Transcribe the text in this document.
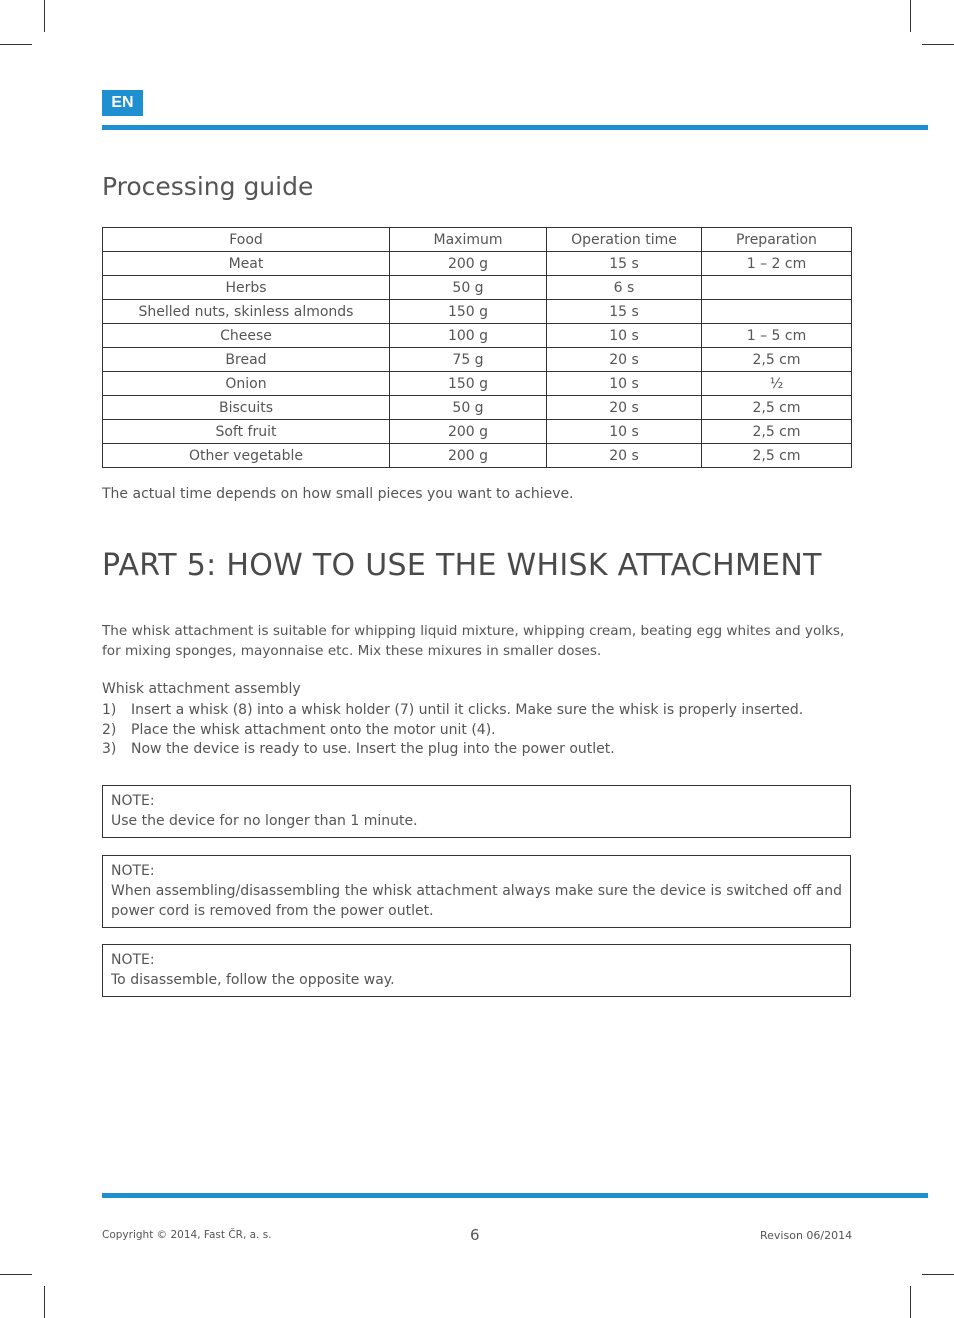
EN
Processing guide
Food	Maximum	Operation time	Preparation
Meat	200 g	15 s	1 – 2 cm
Herbs	50 g	6 s	
Shelled nuts, skinless almonds	150 g	15 s	
Cheese	100 g	10 s	1 – 5 cm
Bread	75 g	20 s	2,5 cm
Onion	150 g	10 s	½
Biscuits	50 g	20 s	2,5 cm
Soft fruit	200 g	10 s	2,5 cm
Other vegetable	200 g	20 s	2,5 cm

The actual time depends on how small pieces you want to achieve.

PART 5: HOW TO USE THE WHISK ATTACHMENT

The whisk attachment is suitable for whipping liquid mixture, whipping cream, beating egg whites and yolks, for mixing sponges, mayonnaise etc. Mix these mixures in smaller doses.

Whisk attachment assembly

1)	Insert a whisk (8) into a whisk holder (7) until it clicks. Make sure the whisk is properly inserted.
2)	Place the whisk attachment onto the motor unit (4).
3)	Now the device is ready to use. Insert the plug into the power outlet.
NOTE:
Use the device for no longer than 1 minute.
NOTE:
When assembling/disassembling the whisk attachment always make sure the device is switched off and power cord is removed from the power outlet.
NOTE:
To disassemble, follow the opposite way.
Copyright © 2014, Fast ČR, a. s.	6	Revison 06/2014
